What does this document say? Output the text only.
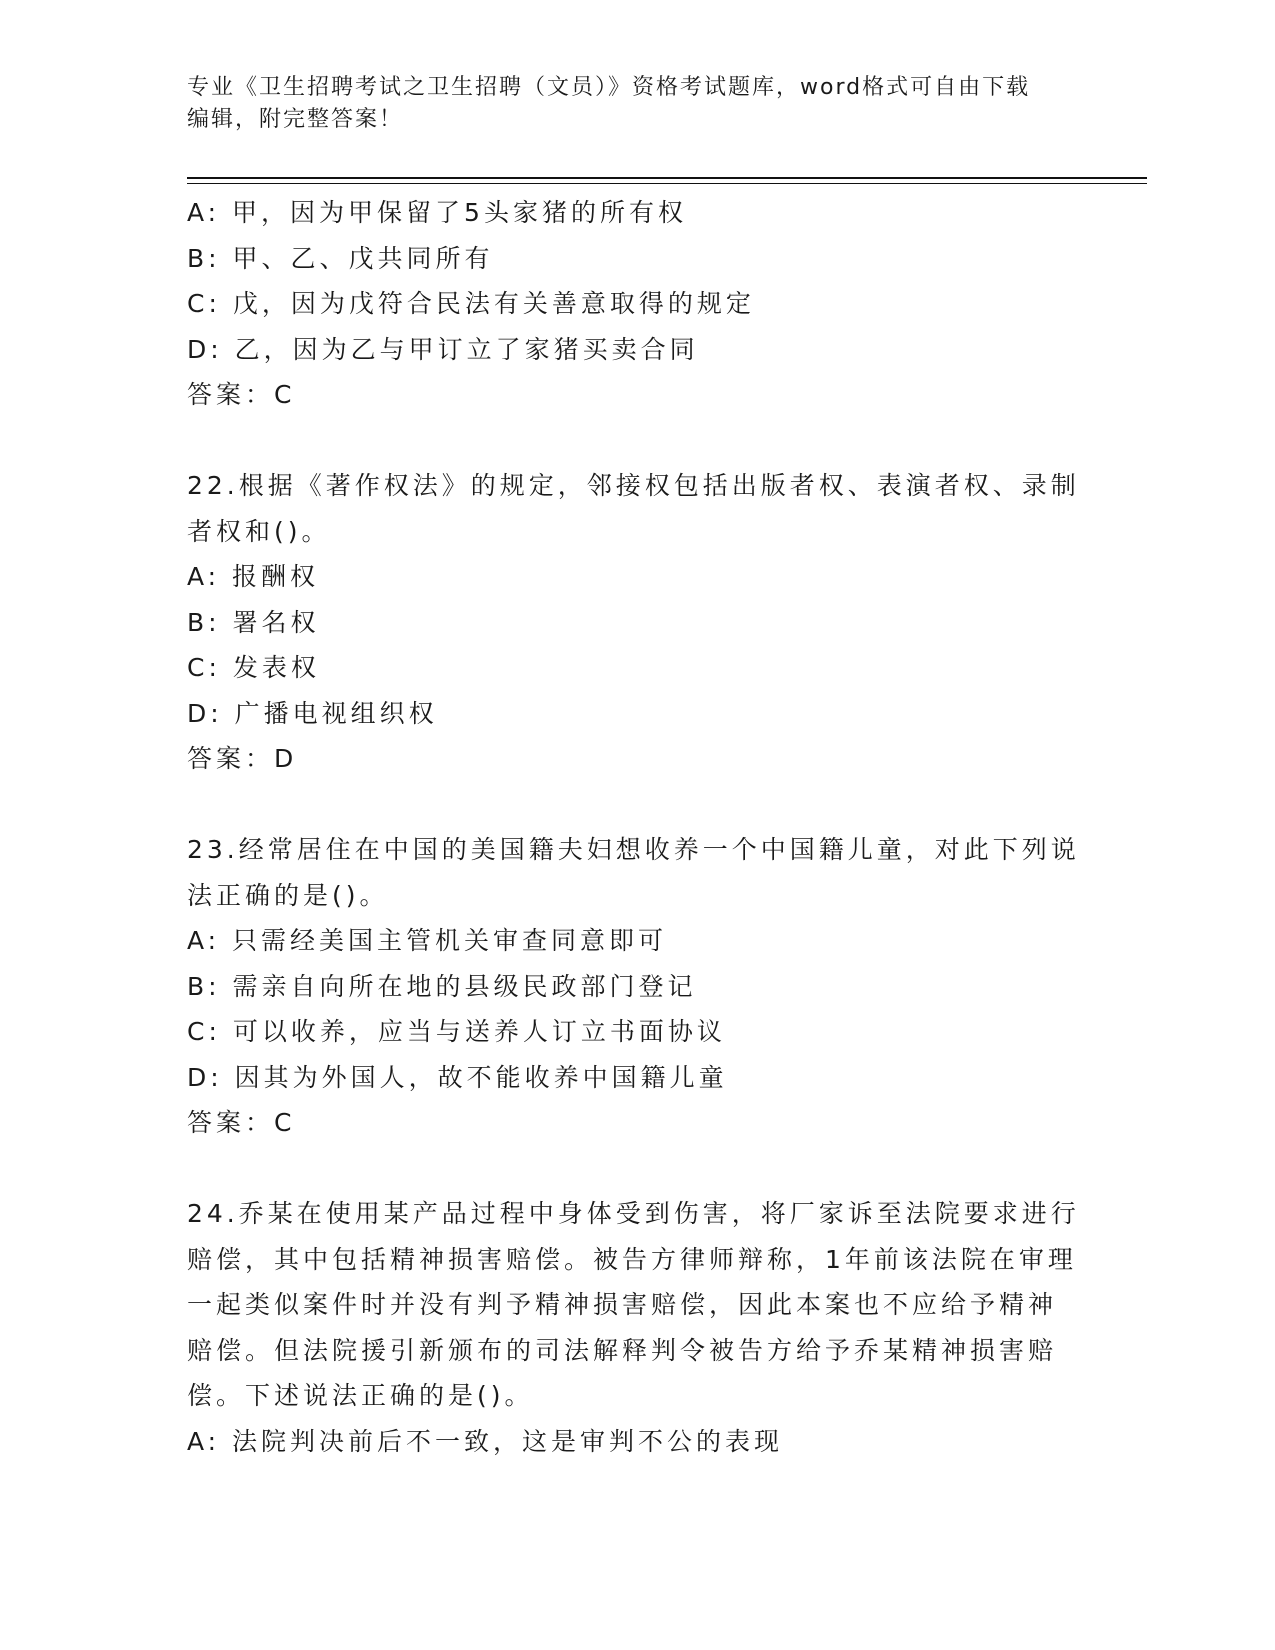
专业《卫生招聘考试之卫生招聘（文员）》资格考试题库，word格式可自由下载
编辑，附完整答案！
A: 甲，因为甲保留了5头家猪的所有权
B: 甲、乙、戊共同所有
C: 戊，因为戊符合民法有关善意取得的规定
D: 乙，因为乙与甲订立了家猪买卖合同
答案：C
22.根据《著作权法》的规定，邻接权包括出版者权、表演者权、录制
者权和()。
A: 报酬权
B: 署名权
C: 发表权
D: 广播电视组织权
答案：D
23.经常居住在中国的美国籍夫妇想收养一个中国籍儿童，对此下列说
法正确的是()。
A: 只需经美国主管机关审查同意即可
B: 需亲自向所在地的县级民政部门登记
C: 可以收养，应当与送养人订立书面协议
D: 因其为外国人，故不能收养中国籍儿童
答案：C
24.乔某在使用某产品过程中身体受到伤害，将厂家诉至法院要求进行
赔偿，其中包括精神损害赔偿。被告方律师辩称，1年前该法院在审理
一起类似案件时并没有判予精神损害赔偿，因此本案也不应给予精神
赔偿。但法院援引新颁布的司法解释判令被告方给予乔某精神损害赔
偿。下述说法正确的是()。
A: 法院判决前后不一致，这是审判不公的表现
